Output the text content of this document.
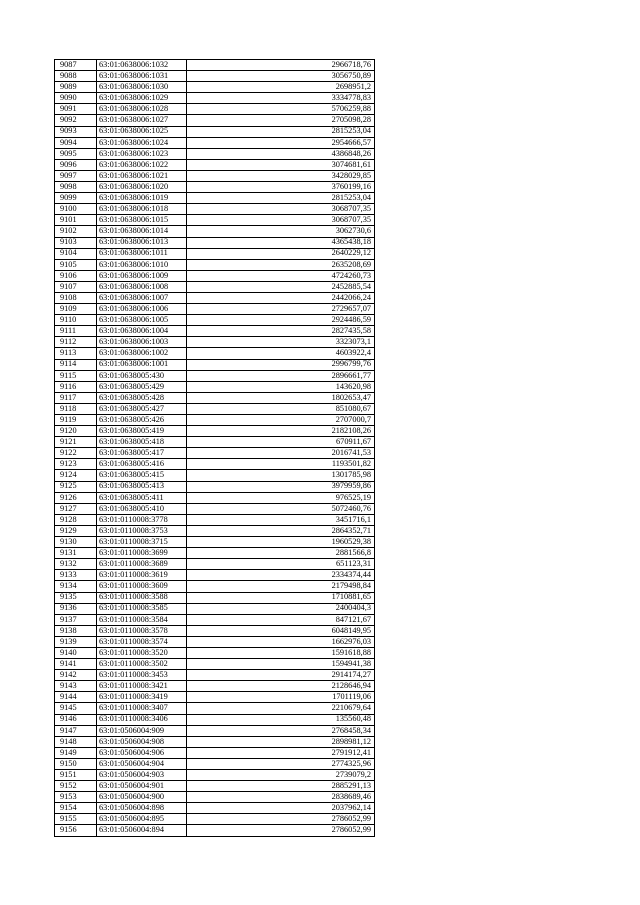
9087	63:01:0638006:1032	2966718,76
9088	63:01:0638006:1031	3056750,89
9089	63:01:0638006:1030	2698951,2
9090	63:01:0638006:1029	3334778,83
9091	63:01:0638006:1028	5706259,88
9092	63:01:0638006:1027	2705098,28
9093	63:01:0638006:1025	2815253,04
9094	63:01:0638006:1024	2954666,57
9095	63:01:0638006:1023	4386848,26
9096	63:01:0638006:1022	3074681,61
9097	63:01:0638006:1021	3428029,85
9098	63:01:0638006:1020	3760199,16
9099	63:01:0638006:1019	2815253,04
9100	63:01:0638006:1018	3068707,35
9101	63:01:0638006:1015	3068707,35
9102	63:01:0638006:1014	3062730,6
9103	63:01:0638006:1013	4365438,18
9104	63:01:0638006:1011	2640229,12
9105	63:01:0638006:1010	2635208,69
9106	63:01:0638006:1009	4724260,73
9107	63:01:0638006:1008	2452885,54
9108	63:01:0638006:1007	2442066,24
9109	63:01:0638006:1006	2729657,07
9110	63:01:0638006:1005	2924486,59
9111	63:01:0638006:1004	2827435,58
9112	63:01:0638006:1003	3323073,1
9113	63:01:0638006:1002	4603922,4
9114	63:01:0638006:1001	2996799,76
9115	63:01:0638005:430	2896661,77
9116	63:01:0638005:429	143620,98
9117	63:01:0638005:428	1802653,47
9118	63:01:0638005:427	851080,67
9119	63:01:0638005:426	2707000,7
9120	63:01:0638005:419	2182108,26
9121	63:01:0638005:418	670911,67
9122	63:01:0638005:417	2016741,53
9123	63:01:0638005:416	1193501,82
9124	63:01:0638005:415	1301785,98
9125	63:01:0638005:413	3979959,86
9126	63:01:0638005:411	976525,19
9127	63:01:0638005:410	5072460,76
9128	63:01:0110008:3778	3451716,1
9129	63:01:0110008:3753	2864352,71
9130	63:01:0110008:3715	1960529,38
9131	63:01:0110008:3699	2881566,8
9132	63:01:0110008:3689	651123,31
9133	63:01:0110008:3619	2334374,44
9134	63:01:0110008:3609	2179498,84
9135	63:01:0110008:3588	1710881,65
9136	63:01:0110008:3585	2400404,3
9137	63:01:0110008:3584	847121,67
9138	63:01:0110008:3578	6048149,95
9139	63:01:0110008:3574	1662976,03
9140	63:01:0110008:3520	1591618,88
9141	63:01:0110008:3502	1594941,38
9142	63:01:0110008:3453	2914174,27
9143	63:01:0110008:3421	2128646,94
9144	63:01:0110008:3419	1701119,06
9145	63:01:0110008:3407	2210679,64
9146	63:01:0110008:3406	135560,48
9147	63:01:0506004:909	2768458,34
9148	63:01:0506004:908	2898981,12
9149	63:01:0506004:906	2791912,41
9150	63:01:0506004:904	2774325,96
9151	63:01:0506004:903	2739079,2
9152	63:01:0506004:901	2885291,13
9153	63:01:0506004:900	2838689,46
9154	63:01:0506004:898	2037962,14
9155	63:01:0506004:895	2786052,99
9156	63:01:0506004:894	2786052,99
